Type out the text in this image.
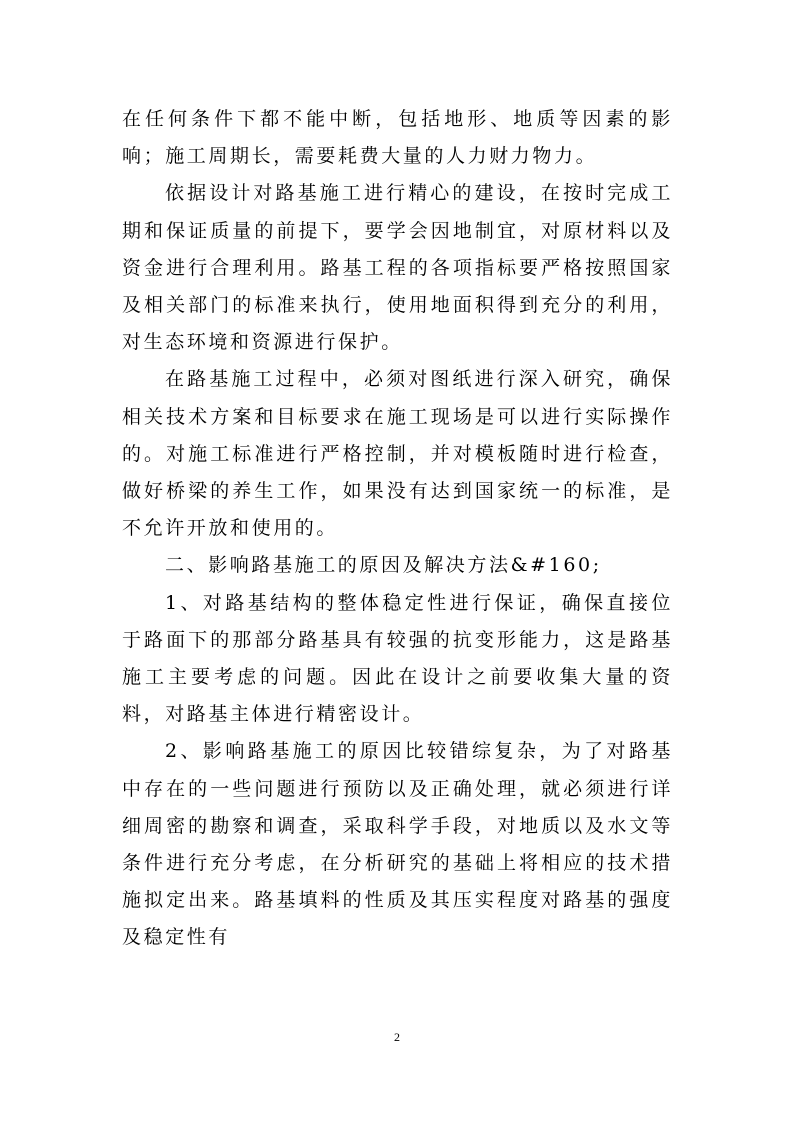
在任何条件下都不能中断，包括地形、地质等因素的影响；施工周期长，需要耗费大量的人力财力物力。

依据设计对路基施工进行精心的建设，在按时完成工期和保证质量的前提下，要学会因地制宜，对原材料以及资金进行合理利用。路基工程的各项指标要严格按照国家及相关部门的标准来执行，使用地面积得到充分的利用，对生态环境和资源进行保护。

在路基施工过程中，必须对图纸进行深入研究，确保相关技术方案和目标要求在施工现场是可以进行实际操作的。对施工标准进行严格控制，并对模板随时进行检查，做好桥梁的养生工作，如果没有达到国家统一的标准，是不允许开放和使用的。

二、影响路基施工的原因及解决方法&#160;

1、对路基结构的整体稳定性进行保证，确保直接位于路面下的那部分路基具有较强的抗变形能力，这是路基施工主要考虑的问题。因此在设计之前要收集大量的资料，对路基主体进行精密设计。

2、影响路基施工的原因比较错综复杂，为了对路基中存在的一些问题进行预防以及正确处理，就必须进行详细周密的勘察和调查，采取科学手段，对地质以及水文等条件进行充分考虑，在分析研究的基础上将相应的技术措施拟定出来。路基填料的性质及其压实程度对路基的强度及稳定性有

2
